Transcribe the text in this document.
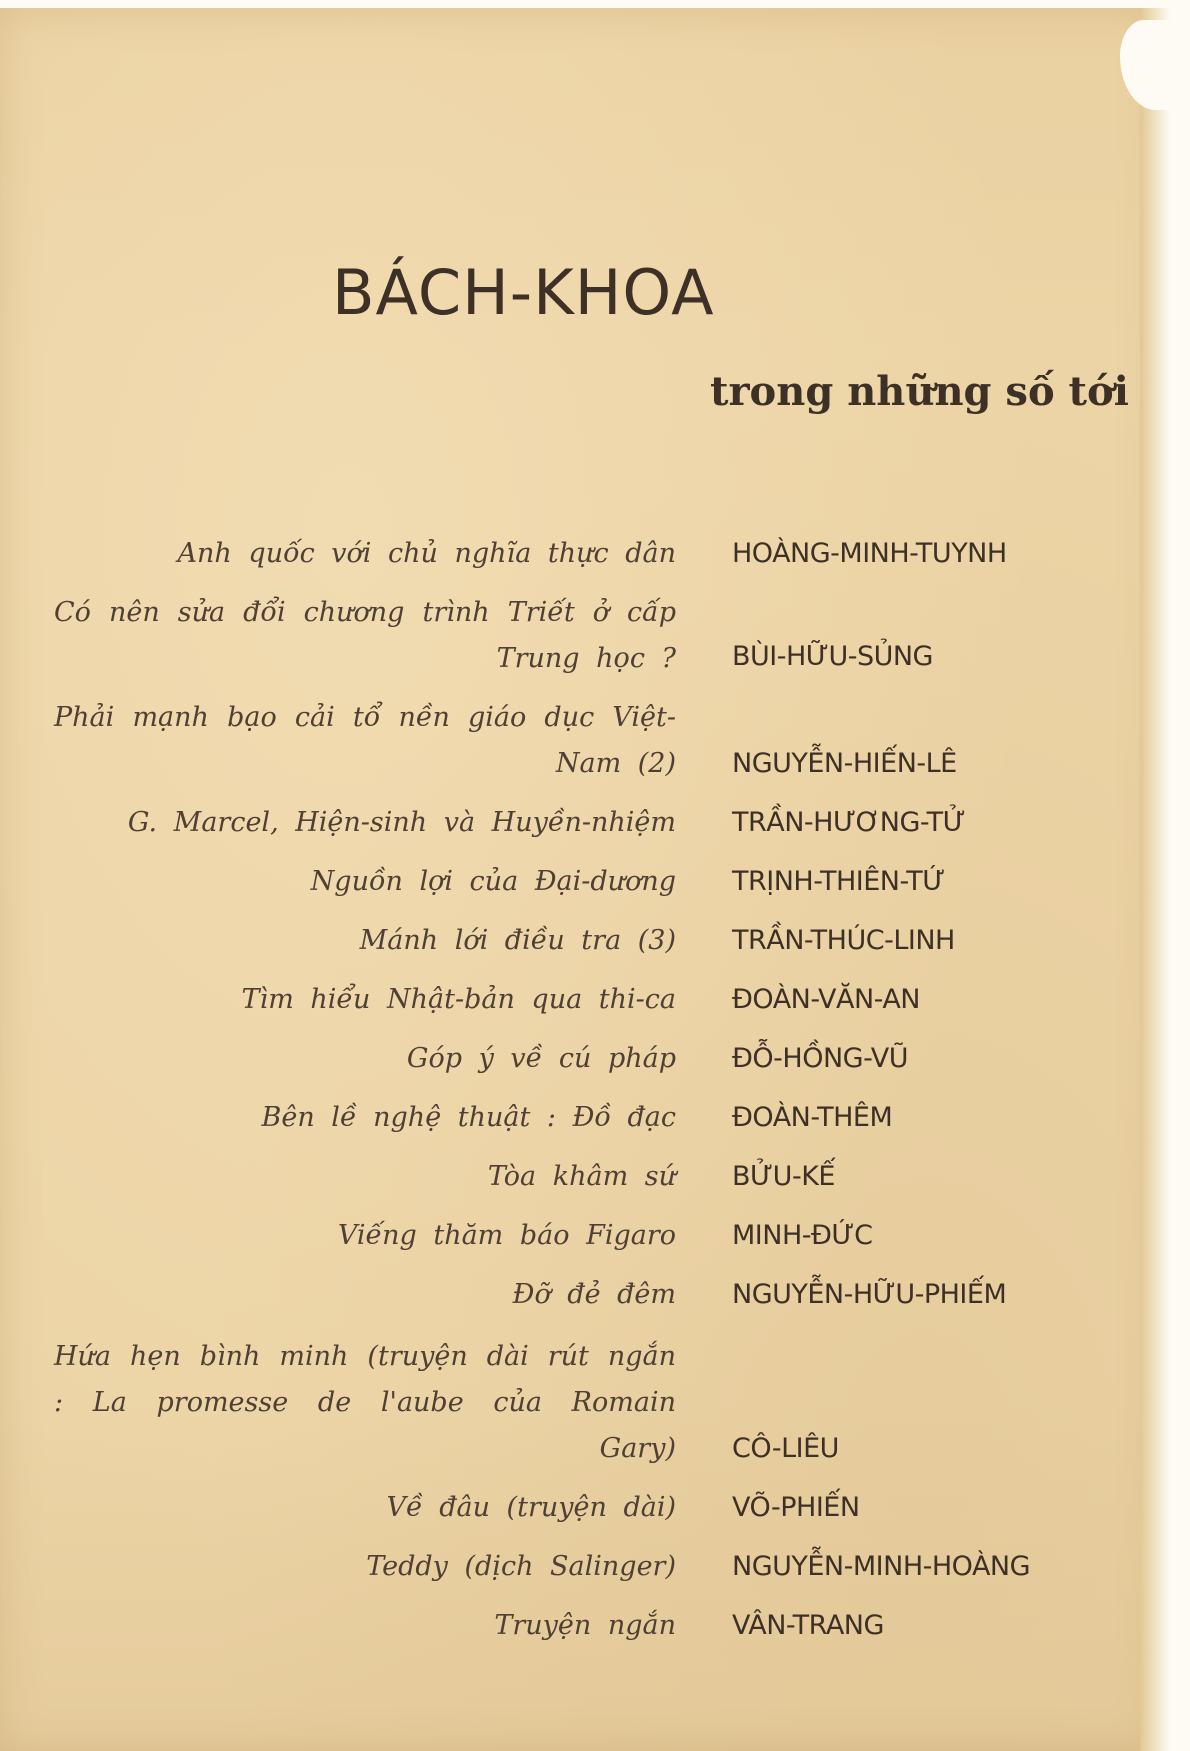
BÁCH-KHOA
trong những số tới
Anh quốc với chủ nghĩa thực dân HOÀNG-MINH-TUYNH
Có nên sửa đổi chương trình Triết ở cấp Trung học ? BÙI-HỮU-SỦNG
Phải mạnh bạo cải tổ nền giáo dục Việt-Nam (2) NGUYỄN-HIẾN-LÊ
G. Marcel, Hiện-sinh và Huyền-nhiệm TRẦN-HƯƠNG-TỬ
Nguồn lợi của Đại-dương TRỊNH-THIÊN-TỨ
Mánh lới điều tra (3) TRẦN-THÚC-LINH
Tìm hiểu Nhật-bản qua thi-ca ĐOÀN-VĂN-AN
Góp ý về cú pháp ĐỖ-HỒNG-VŨ
Bên lề nghệ thuật : Đồ đạc ĐOÀN-THÊM
Tòa khâm sứ BỬU-KẾ
Viếng thăm báo Figaro MINH-ĐỨC
Đỡ đẻ đêm NGUYỄN-HỮU-PHIẾM
Hứa hẹn bình minh (truyện dài rút ngắn : La promesse de l'aube của Romain Gary) CÔ-LIÊU
Về đâu (truyện dài) VÕ-PHIẾN
Teddy (dịch Salinger) NGUYỄN-MINH-HOÀNG
Truyện ngắn VÂN-TRANG
